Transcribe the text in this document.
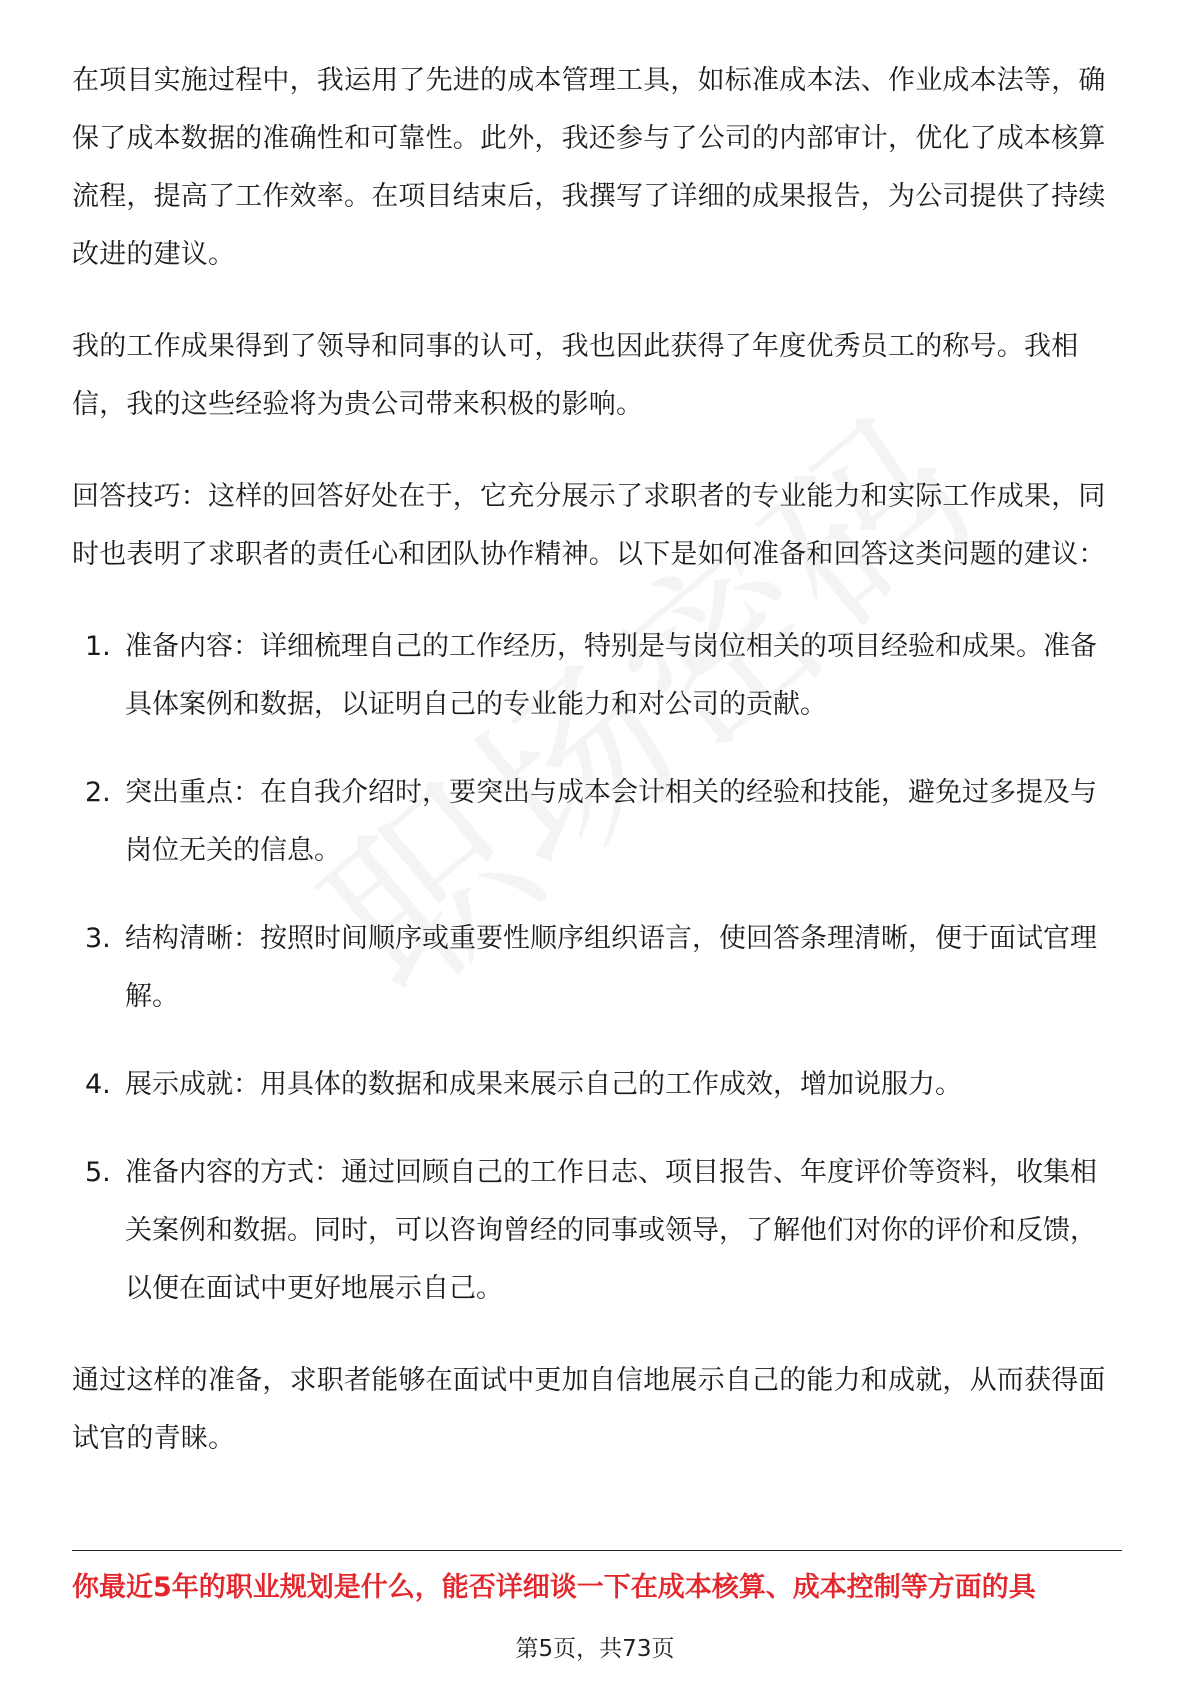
在项目实施过程中，我运用了先进的成本管理工具，如标准成本法、作业成本法等，确保了成本数据的准确性和可靠性。此外，我还参与了公司的内部审计，优化了成本核算流程，提高了工作效率。在项目结束后，我撰写了详细的成果报告，为公司提供了持续改进的建议。

我的工作成果得到了领导和同事的认可，我也因此获得了年度优秀员工的称号。我相信，我的这些经验将为贵公司带来积极的影响。

回答技巧：这样的回答好处在于，它充分展示了求职者的专业能力和实际工作成果，同时也表明了求职者的责任心和团队协作精神。以下是如何准备和回答这类问题的建议：

1. 准备内容：详细梳理自己的工作经历，特别是与岗位相关的项目经验和成果。准备具体案例和数据，以证明自己的专业能力和对公司的贡献。
2. 突出重点：在自我介绍时，要突出与成本会计相关的经验和技能，避免过多提及与岗位无关的信息。
3. 结构清晰：按照时间顺序或重要性顺序组织语言，使回答条理清晰，便于面试官理解。
4. 展示成就：用具体的数据和成果来展示自己的工作成效，增加说服力。
5. 准备内容的方式：通过回顾自己的工作日志、项目报告、年度评价等资料，收集相关案例和数据。同时，可以咨询曾经的同事或领导，了解他们对你的评价和反馈，以便在面试中更好地展示自己。

通过这样的准备，求职者能够在面试中更加自信地展示自己的能力和成就，从而获得面试官的青睐。

你最近5年的职业规划是什么，能否详细谈一下在成本核算、成本控制等方面的具
第5页，共73页
